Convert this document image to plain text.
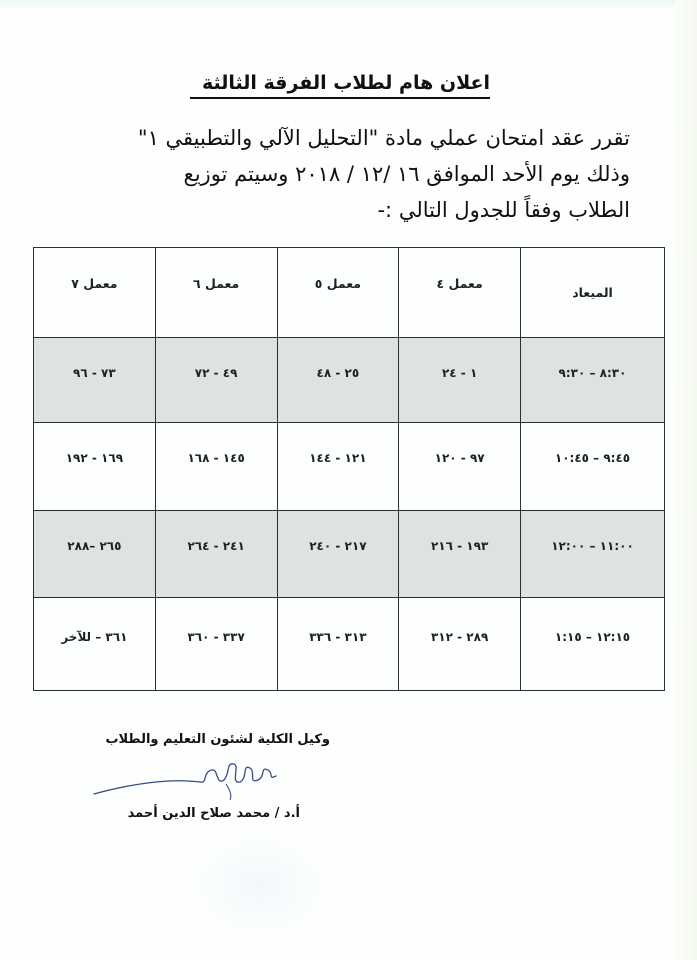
اعلان هام لطلاب الفرقة الثالثة

تقرر عقد امتحان عملي مادة "التحليل الآلي والتطبيقي ١"

وذلك يوم الأحد الموافق ١٦ /١٢ / ٢٠١٨ وسيتم توزيع

الطلاب وفقاً للجدول التالي :-

الميعاد	معمل ٤	معمل ٥	معمل ٦	معمل ٧
٨:٣٠ – ٩:٣٠	١ - ٢٤	٢٥ - ٤٨	٤٩ - ٧٢	٧٣ - ٩٦
٩:٤٥ – ١٠:٤٥	٩٧ - ١٢٠	١٢١ - ١٤٤	١٤٥ - ١٦٨	١٦٩ - ١٩٢
١١:٠٠ – ١٢:٠٠	١٩٣ - ٢١٦	٢١٧ - ٢٤٠	٢٤١ - ٢٦٤	٢٦٥ –٢٨٨
١٢:١٥ – ١:١٥	٢٨٩ - ٣١٢	٣١٣ - ٣٣٦	٣٣٧ - ٣٦٠	٣٦١ – للآخر
وكيل الكلية لشئون التعليم والطلاب
أ.د / محمد صلاح الدين أحمد
